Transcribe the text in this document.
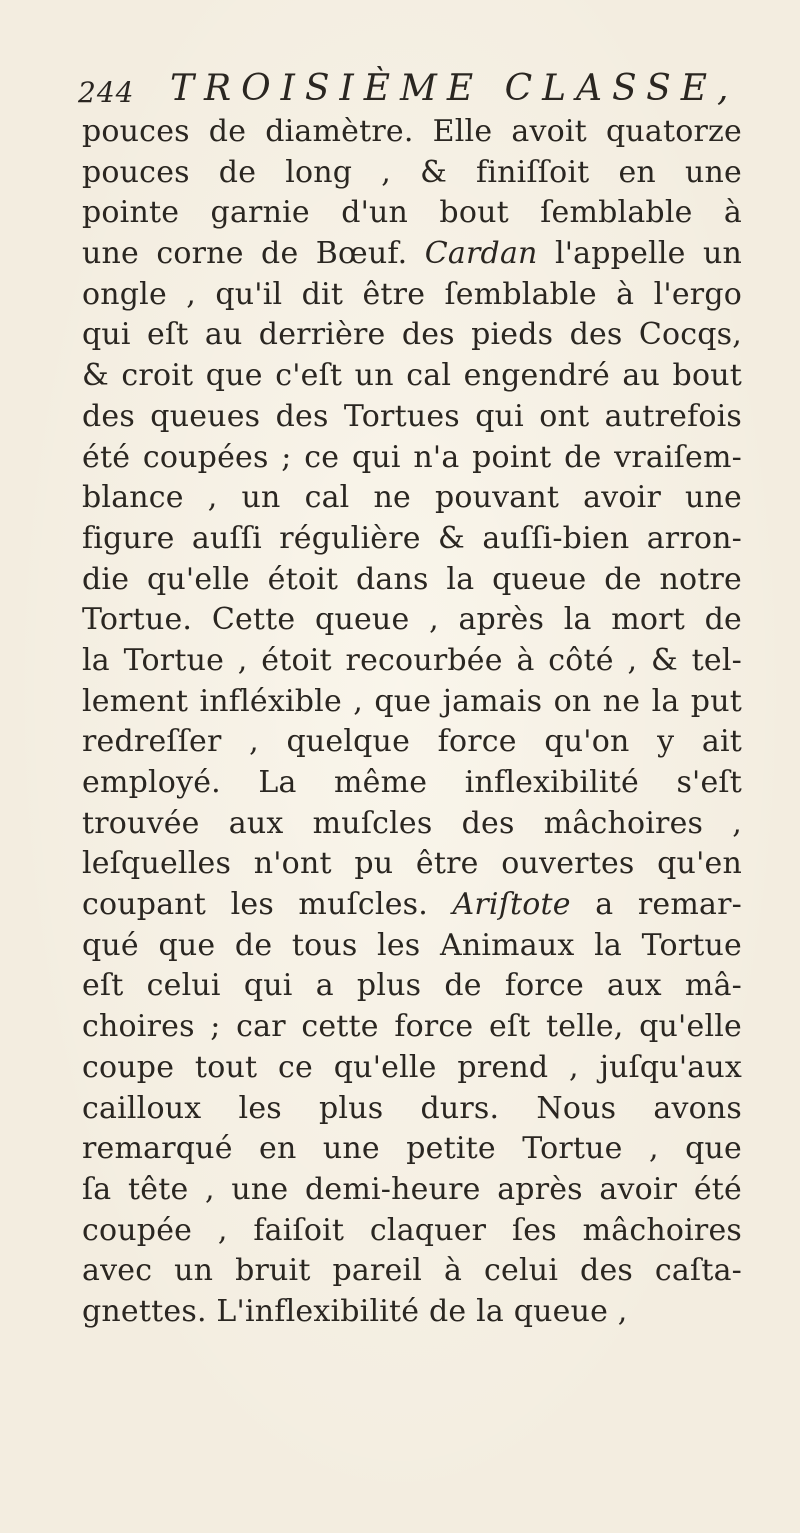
244 TROISIÈME CLASSE,
pouces de diamètre. Elle avoit quatorze
pouces de long , & finiſſoit en une
pointe garnie d'un bout ſemblable à
une corne de Bœuf. Cardan l'appelle un
ongle , qu'il dit être ſemblable à l'ergo
qui eſt au derrière des pieds des Cocqs,
& croit que c'eſt un cal engendré au bout
des queues des Tortues qui ont autrefois
été coupées ; ce qui n'a point de vraiſem-
blance , un cal ne pouvant avoir une
figure auſſi régulière & auſſi-bien arron-
die qu'elle étoit dans la queue de notre
Tortue. Cette queue , après la mort de
la Tortue , étoit recourbée à côté , & tel-
lement infléxible , que jamais on ne la put
redreſſer , quelque force qu'on y ait
employé. La même inflexibilité s'eſt
trouvée aux muſcles des mâchoires ,
leſquelles n'ont pu être ouvertes qu'en
coupant les muſcles. Ariſtote a remar-
qué que de tous les Animaux la Tortue
eſt celui qui a plus de force aux mâ-
choires ; car cette force eſt telle, qu'elle
coupe tout ce qu'elle prend , juſqu'aux
cailloux les plus durs. Nous avons
remarqué en une petite Tortue , que
ſa tête , une demi-heure après avoir été
coupée , faiſoit claquer ſes mâchoires
avec un bruit pareil à celui des caſta-
gnettes. L'inflexibilité de la queue ,
